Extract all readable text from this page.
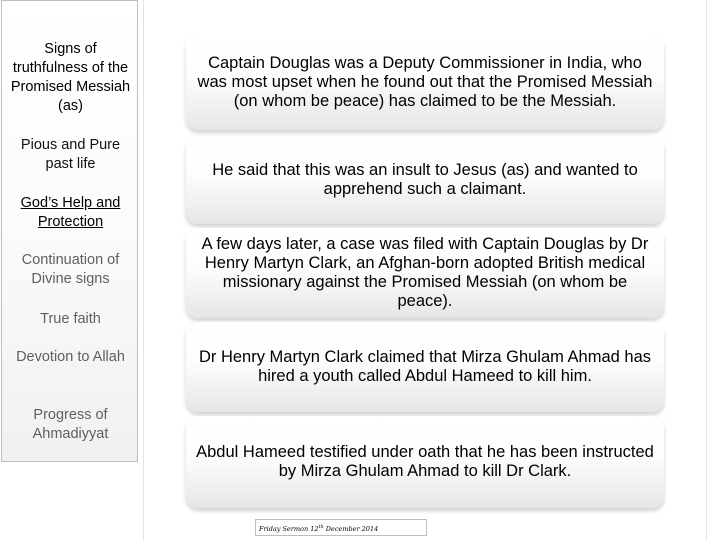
Signs of truthfulness of the Promised Messiah (as)
Pious and Pure past life
God’s Help and Protection
Continuation of Divine signs
True faith
Devotion to Allah
Progress of Ahmadiyyat
Captain Douglas was a Deputy Commissioner in India, who was most upset when he found out that the Promised Messiah (on whom be peace) has claimed to be the Messiah.
He said that this was an insult to Jesus (as) and wanted to apprehend such a claimant.
A few days later, a case was filed with Captain Douglas by Dr Henry Martyn Clark, an Afghan-born adopted British medical missionary against the Promised Messiah (on whom be peace).
Dr Henry Martyn Clark claimed that Mirza Ghulam Ahmad has hired a youth called Abdul Hameed to kill him.
Abdul Hameed testified under oath that he has been instructed by Mirza Ghulam Ahmad to kill Dr Clark.
Friday Sermon 12th December 2014
